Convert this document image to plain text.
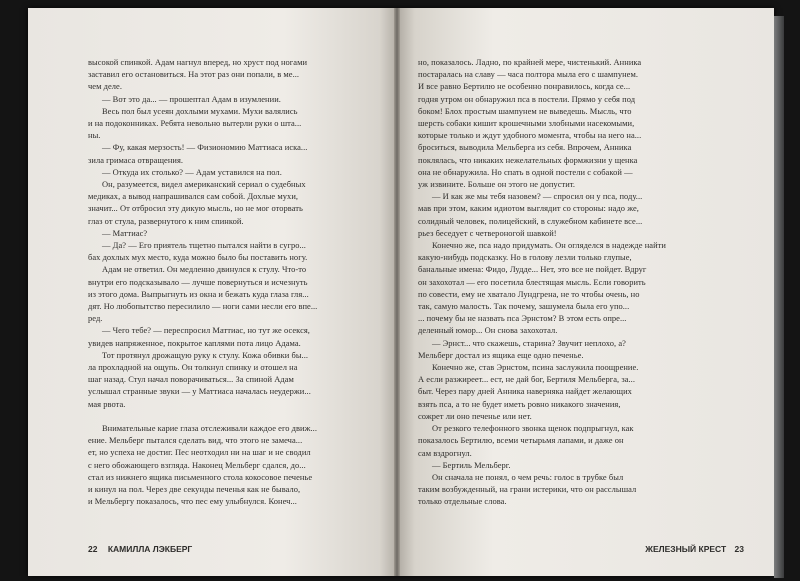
высокой спинкой. Адам нагнул вперед, но хруст под ногами

заставил его остановиться. На этот раз они попали, в ме...

чем деле.

— Вот это да... — прошептал Адам в изумлении.

Весь пол был усеян дохлыми мухами. Мухи валялись

и на подоконниках. Ребята невольно вытерли руки о шта...

ны.

— Фу, какая мерзость! — Физиономию Маттиаса иска...

зила гримаса отвращения.

— Откуда их столько? — Адам уставился на пол.

Он, разумеется, видел американский сериал о судебных

медиках, а вывод напрашивался сам собой. Дохлые мухи,

значит... От отбросил эту дикую мысль, но не мог оторвать

глаз от стула, развернутого к ним спинкой.

— Маттиас?

— Да? — Его приятель тщетно пытался найти в сугро...

бах дохлых мух место, куда можно было бы поставить ногу.

Адам не ответил. Он медленно двинулся к стулу. Что-то

внутри его подсказывало — лучше повернуться и исчезнуть

из этого дома. Выпрыгнуть из окна и бежать куда глаза гля...

дят. Но любопытство пересилило — ноги сами несли его впе...

ред.

— Чего тебе? — переспросил Маттиас, но тут же осекся,

увидев напряженное, покрытое каплями пота лицо Адама.

Тот протянул дрожащую руку к стулу. Кожа обивки бы...

ла прохладной на ощупь. Он толкнул спинку и отошел на

шаг назад. Стул начал поворачиваться... За спиной Адам

услышал странные звуки — у Маттиаса началась неудержи...

мая рвота.

Внимательные карие глаза отслеживали каждое его движ...

ение. Мельберг пытался сделать вид, что этого не замеча...

ет, но успеха не достиг. Пес неотходил ни на шаг и не сводил

с него обожающего взгляда. Наконец Мельберг сдался, до...

стал из нижнего ящика письменного стола кокосовое печенье

и кинул на пол. Через две секунды печенья как не бывало,

и Мельбергу показалось, что пес ему улыбнулся. Конеч...

22 КАМИЛЛА ЛЭКБЕРГ

но, показалось. Ладно, по крайней мере, чистенький. Анника

постаралась на славу — часа полтора мыла его с шампунем.

И все равно Бертилю не особенно понравилось, когда се...

годня утром он обнаружил пса в постели. Прямо у себя под

боком! Блох простым шампунем не выведешь. Мысль, что

шерсть собаки кишит крошечными злобными насекомыми,

которые только и ждут удобного момента, чтобы на него на...

броситься, выводила Мельберга из себя. Впрочем, Анника

поклялась, что никаких нежелательных формжизни у щенка

она не обнаружила. Но спать в одной постели с собакой —

уж извините. Больше он этого не допустит.

— И как же мы тебя назовем? — спросил он у пса, поду...

мав при этом, каким идиотом выглядит со стороны: надо же,

солидный человек, полицейский, в служебном кабинете все...

рьез беседует с четвероногой шавкой!

Конечно же, пса надо придумать. Он огляделся в надежде найти

какую-нибудь подсказку. Но в голову лезли только глупые,

банальные имена: Фидо, Лудде... Нет, это все не пойдет. Вдруг

он захохотал — его посетила блестящая мысль. Если говорить

по совести, ему не хватало Лундгрена, не то чтобы очень, но

так, самую малость. Так почему, зашумела была его упо...

... почему бы не назвать пса Эрнстом? В этом есть опре...

деленный юмор... Он снова захохотал.

— Эрнст... что скажешь, старина? Звучит неплохо, а?

Мельберг достал из ящика еще одно печенье.

Конечно же, став Эрнстом, псина заслужила поощрение.

А если разжиреет... ест, не дай бог, Бертиля Мельберга, за...

быт. Через пару дней Анника наверняка найдет желающих

взять пса, а то не будет иметь ровно никакого значения,

сожрет ли оно печенье или нет.

От резкого телефонного звонка щенок подпрыгнул, как

показалось Бертилю, всеми четырьмя лапами, и даже он

сам вздрогнул.

— Бертиль Мельберг.

Он сначала не понял, о чем речь: голос в трубке был

таким возбужденный, на грани истерики, что он расслышал

только отдельные слова.

ЖЕЛЕЗНЫЙ КРЕСТ 23
